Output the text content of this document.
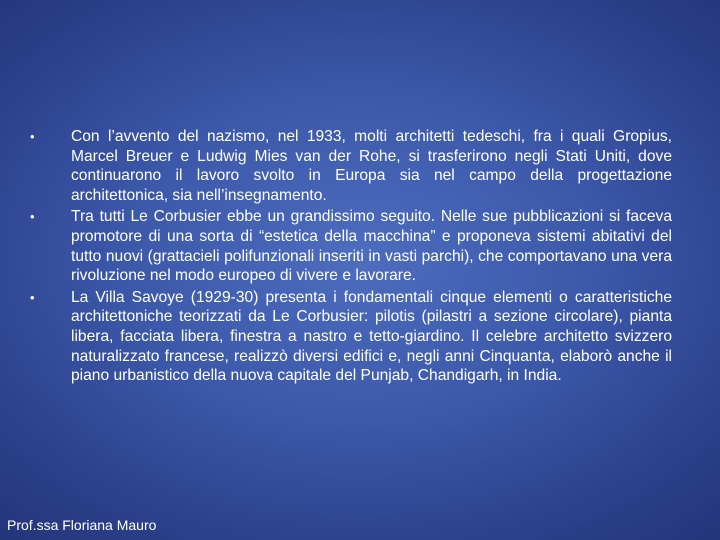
•	Con l’avvento del nazismo, nel 1933, molti architetti tedeschi, fra i quali Gropius, Marcel Breuer e Ludwig Mies van der Rohe, si trasferirono negli Stati Uniti, dove continuarono il lavoro svolto in Europa sia nel campo della progettazione architettonica, sia nell’insegnamento.
•	Tra tutti Le Corbusier ebbe un grandissimo seguito. Nelle sue pubblicazioni si faceva promotore di una sorta di “estetica della macchina” e proponeva sistemi abitativi del tutto nuovi (grattacieli polifunzionali inseriti in vasti parchi), che comportavano una vera rivoluzione nel modo europeo di vivere e lavorare.
•	La Villa Savoye (1929-30) presenta i fondamentali cinque elementi o caratteristiche architettoniche teorizzati da Le Corbusier: pilotis (pilastri a sezione circolare), pianta libera, facciata libera, finestra a nastro e tetto-giardino. Il celebre architetto svizzero naturalizzato francese, realizzò diversi edifici e, negli anni Cinquanta, elaborò anche il piano urbanistico della nuova capitale del Punjab, Chandigarh, in India.
Prof.ssa Floriana Mauro
